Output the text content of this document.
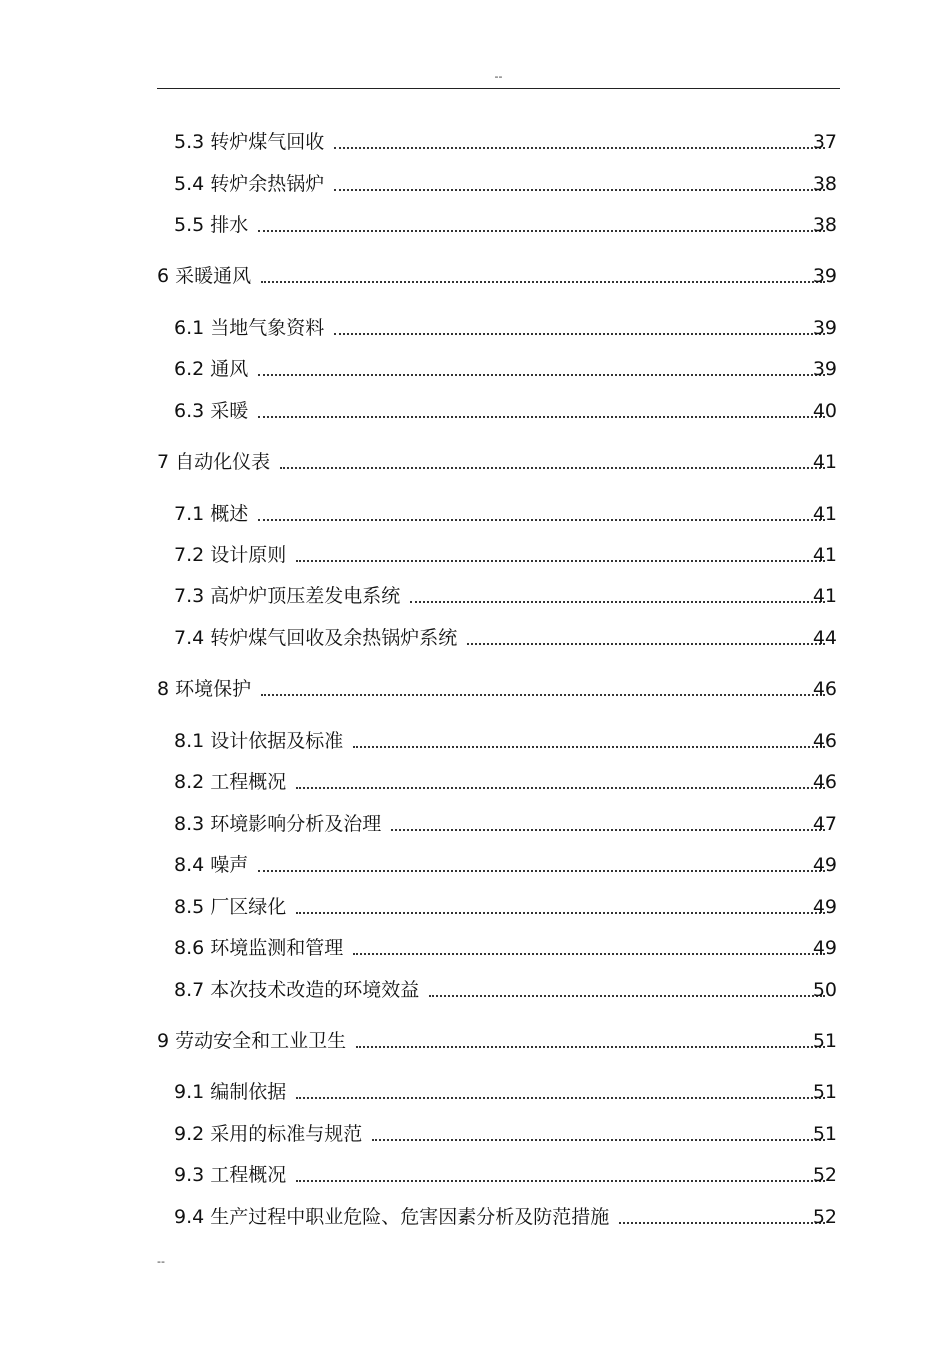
--
5.3 转炉煤气回收	37
5.4 转炉余热锅炉	38
5.5 排水	38
6 采暖通风	39
6.1 当地气象资料	39
6.2 通风	39
6.3 采暖	40
7 自动化仪表	41
7.1 概述	41
7.2 设计原则	41
7.3 高炉炉顶压差发电系统	41
7.4 转炉煤气回收及余热锅炉系统	44
8 环境保护	46
8.1 设计依据及标准	46
8.2 工程概况	46
8.3 环境影响分析及治理	47
8.4 噪声	49
8.5 厂区绿化	49
8.6 环境监测和管理	49
8.7 本次技术改造的环境效益	50
9 劳动安全和工业卫生	51
9.1 编制依据	51
9.2 采用的标准与规范	51
9.3 工程概况	52
9.4 生产过程中职业危险、危害因素分析及防范措施	52
--
